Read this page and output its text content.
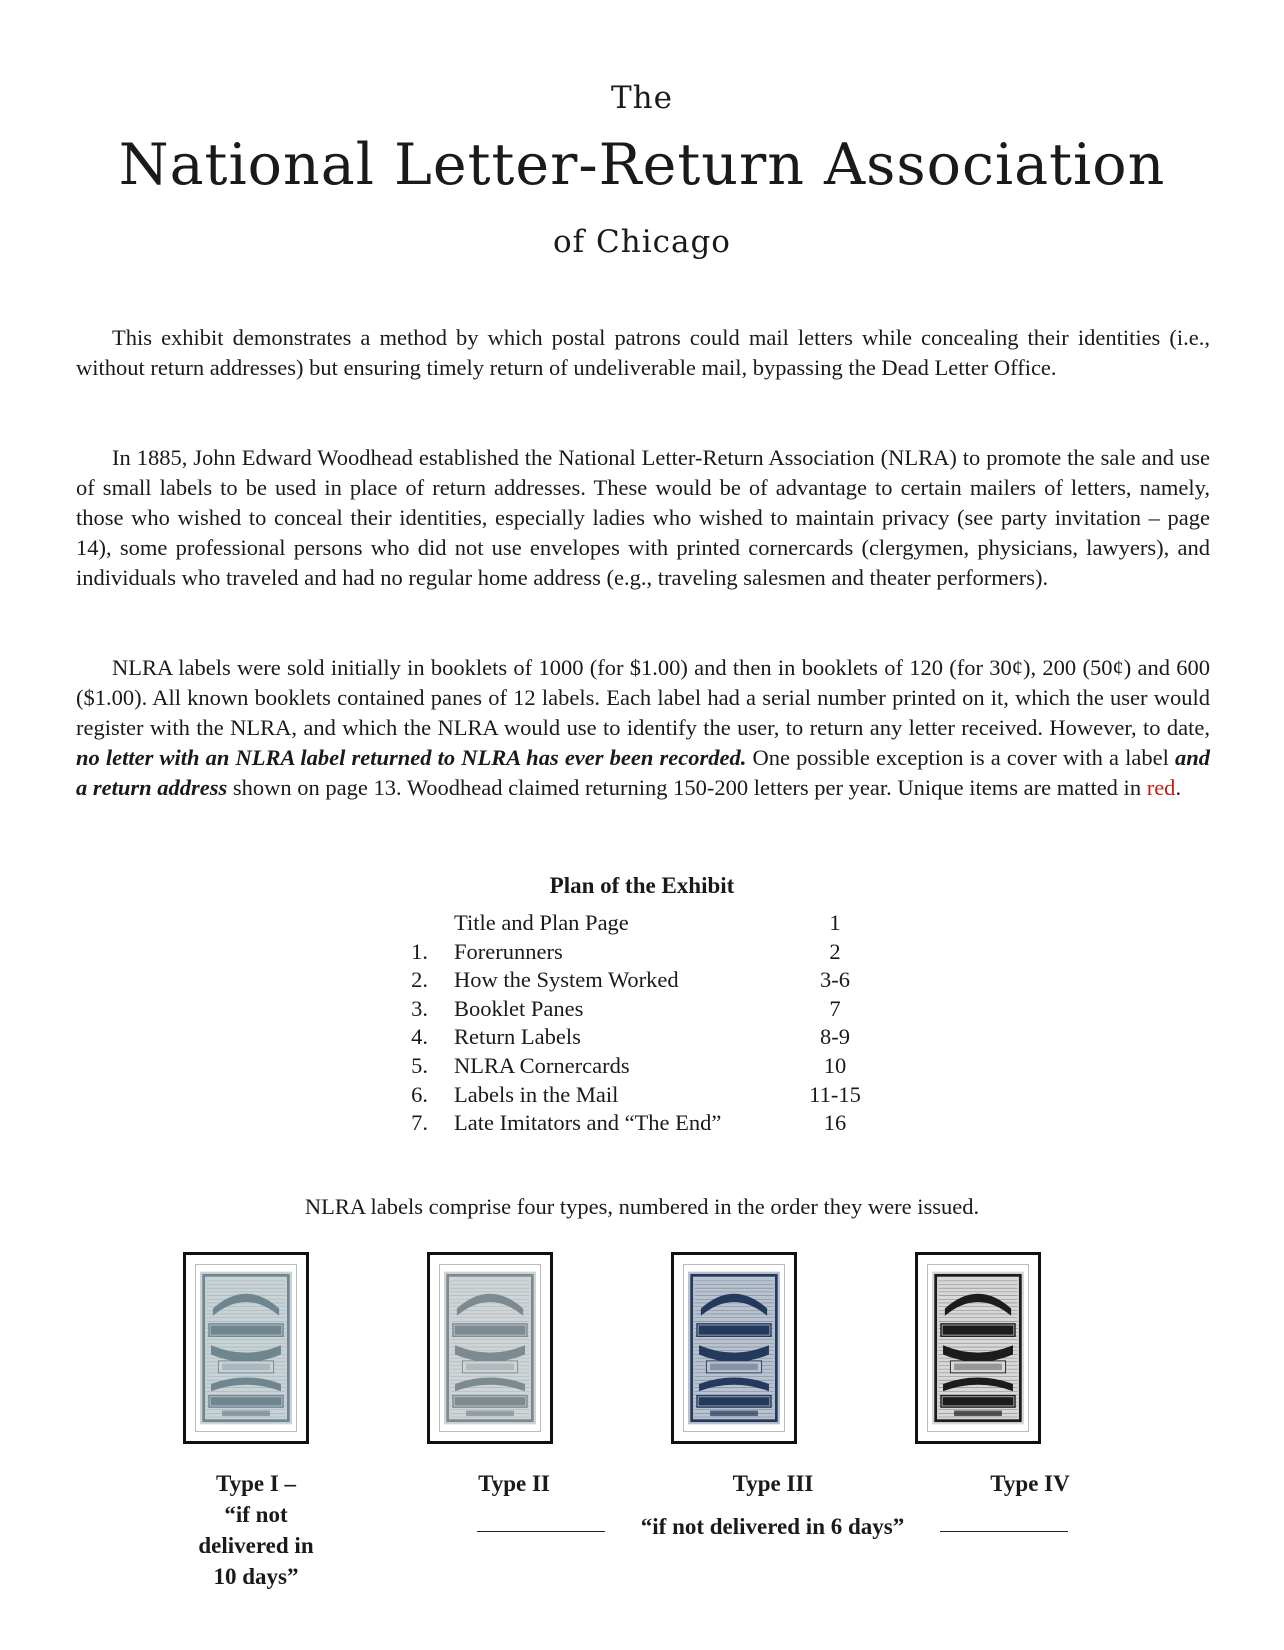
The
National Letter-Return Association
of Chicago

This exhibit demonstrates a method by which postal patrons could mail letters while concealing their identities (i.e., without return addresses) but ensuring timely return of undeliverable mail, bypassing the Dead Letter Office.

In 1885, John Edward Woodhead established the National Letter-Return Association (NLRA) to promote the sale and use of small labels to be used in place of return addresses. These would be of advantage to certain mailers of letters, namely, those who wished to conceal their identities, especially ladies who wished to maintain privacy (see party invitation – page 14), some professional persons who did not use envelopes with printed cornercards (clergymen, physicians, lawyers), and individuals who traveled and had no regular home address (e.g., traveling salesmen and theater performers).

NLRA labels were sold initially in booklets of 1000 (for $1.00) and then in booklets of 120 (for 30¢), 200 (50¢) and 600 ($1.00). All known booklets contained panes of 12 labels. Each label had a serial number printed on it, which the user would register with the NLRA, and which the NLRA would use to identify the user, to return any letter received. However, to date, no letter with an NLRA label returned to NLRA has ever been recorded. One possible exception is a cover with a label and a return address shown on page 13. Woodhead claimed returning 150-200 letters per year. Unique items are matted in red.

Plan of the Exhibit
Title and Plan Page	1
1. Forerunners	2
2. How the System Worked	3-6
3. Booklet Panes	7
4. Return Labels	8-9
5. NLRA Cornercards	10
6. Labels in the Mail	11-15
7. Late Imitators and “The End”	16
NLRA labels comprise four types, numbered in the order they were issued.
Type I –
“if not
delivered in
10 days”
Type II	Type III	Type IV
“if not delivered in 6 days”
